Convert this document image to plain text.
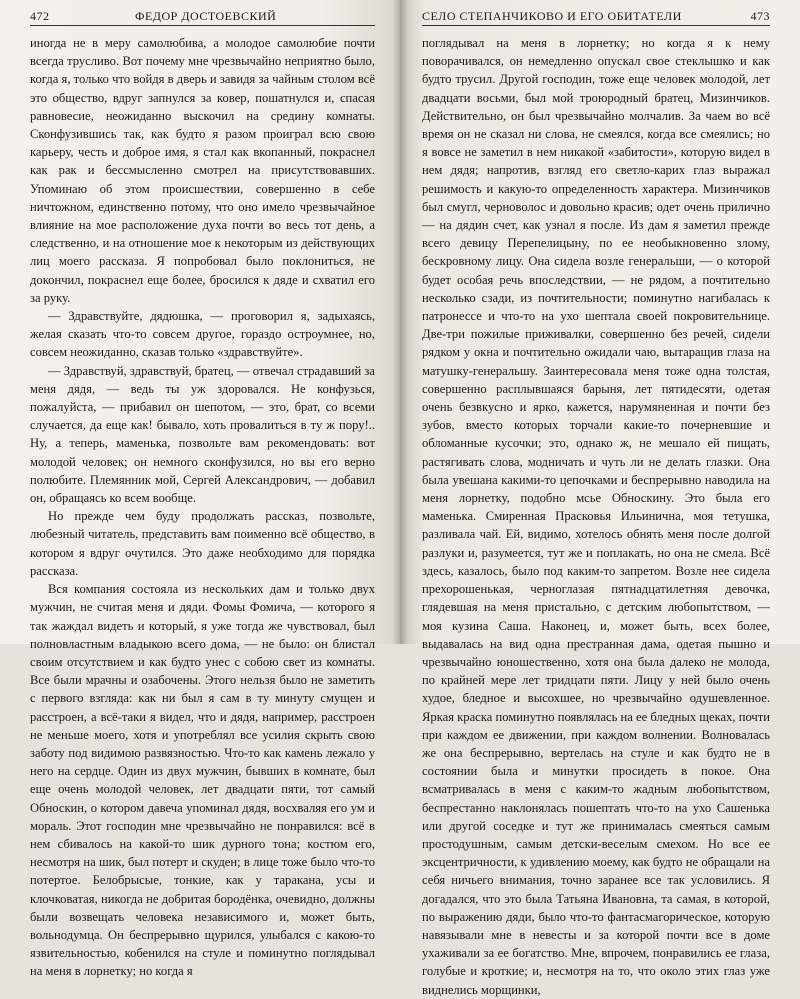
472	ФЕДОР ДОСТОЕВСКИЙ

иногда не в меру самолюбива, а молодое самолюбие почти всегда трусливо. Вот почему мне чрезвычайно неприятно было, когда я, только что войдя в дверь и завидя за чайным столом всё это общество, вдруг запнулся за ковер, пошатнулся и, спасая равновесие, неожиданно выскочил на средину комнаты. Сконфузившись так, как будто я разом проиграл всю свою карьеру, честь и доброе имя, я стал как вкопанный, покраснел как рак и бессмысленно смотрел на присутствовавших. Упоминаю об этом происшествии, совершенно в себе ничтожном, единственно потому, что оно имело чрезвычайное влияние на мое расположение духа почти во весь тот день, а следственно, и на отношение мое к некоторым из действующих лиц моего рассказа. Я попробовал было поклониться, не докончил, покраснел еще более, бросился к дяде и схватил его за руку.

— Здравствуйте, дядюшка, — проговорил я, задыхаясь, желая сказать что-то совсем другое, гораздо остроумнее, но, совсем неожиданно, сказав только «здравствуйте».

— Здравствуй, здравствуй, братец, — отвечал страдавший за меня дядя, — ведь ты уж здоровался. Не конфузься, пожалуйста, — прибавил он шепотом, — это, брат, со всеми случается, да еще как! бывало, хоть провалиться в ту ж пору!.. Ну, а теперь, маменька, позвольте вам рекомендовать: вот молодой человек; он немного сконфузился, но вы его верно полюбите. Племянник мой, Сергей Александрович, — добавил он, обращаясь ко всем вообще.

Но прежде чем буду продолжать рассказ, позвольте, любезный читатель, представить вам поименно всё общество, в котором я вдруг очутился. Это даже необходимо для порядка рассказа.

Вся компания состояла из нескольких дам и только двух мужчин, не считая меня и дяди. Фомы Фомича, — которого я так жаждал видеть и который, я уже тогда же чувствовал, был полновластным владыкою всего дома, — не было: он блистал своим отсутствием и как будто унес с собою свет из комнаты. Все были мрачны и озабочены. Этого нельзя было не заметить с первого взгляда: как ни был я сам в ту минуту смущен и расстроен, а всё-таки я видел, что и дядя, например, расстроен не меньше моего, хотя и употреблял все усилия скрыть свою заботу под видимою развязностью. Что-то как камень лежало у него на сердце. Один из двух мужчин, бывших в комнате, был еще очень молодой человек, лет двадцати пяти, тот самый Обноскин, о котором давеча упоминал дядя, восхваляя его ум и мораль. Этот господин мне чрезвычайно не понравился: всё в нем сбивалось на какой-то шик дурного тона; костюм его, несмотря на шик, был потерт и скуден; в лице тоже было что-то потертое. Белобрысые, тонкие, как у таракана, усы и клочковатая, никогда не добритая бородёнка, очевидно, должны были возвещать человека независимого и, может быть, вольнодумца. Он беспрерывно щурился, улыбался с какою-то язвительностью, кобенился на стуле и поминутно поглядывал на меня в лорнетку; но когда я

СЕЛО СТЕПАНЧИКОВО И ЕГО ОБИТАТЕЛИ	473

поглядывал на меня в лорнетку; но когда я к нему поворачивался, он немедленно опускал свое стеклышко и как будто трусил. Другой господин, тоже еще человек молодой, лет двадцати восьми, был мой троюродный братец, Мизинчиков. Действительно, он был чрезвычайно молчалив. За чаем во всё время он не сказал ни слова, не смеялся, когда все смеялись; но я вовсе не заметил в нем никакой «забитости», которую видел в нем дядя; напротив, взгляд его светло-карих глаз выражал решимость и какую-то определенность характера. Мизинчиков был смугл, черноволос и довольно красив; одет очень прилично — на дядин счет, как узнал я после. Из дам я заметил прежде всего девицу Перепелицыну, по ее необыкновенно злому, бескровному лицу. Она сидела возле генеральши, — о которой будет особая речь впоследствии, — не рядом, а почтительно несколько сзади, из почтительности; поминутно нагибалась к патронессе и что-то на ухо шептала своей покровительнице. Две-три пожилые приживалки, совершенно без речей, сидели рядком у окна и почтительно ожидали чаю, вытаращив глаза на матушку-генеральшу. Заинтересовала меня тоже одна толстая, совершенно расплывшаяся барыня, лет пятидесяти, одетая очень безвкусно и ярко, кажется, нарумяненная и почти без зубов, вместо которых торчали какие-то почерневшие и обломанные кусочки; это, однако ж, не мешало ей пищать, растягивать слова, модничать и чуть ли не делать глазки. Она была увешана какими-то цепочками и беспрерывно наводила на меня лорнетку, подобно мсье Обноскину. Это была его маменька. Смиренная Прасковья Ильинична, моя тетушка, разливала чай. Ей, видимо, хотелось обнять меня после долгой разлуки и, разумеется, тут же и поплакать, но она не смела. Всё здесь, казалось, было под каким-то запретом. Возле нее сидела прехорошенькая, черноглазая пятнадцатилетняя девочка, глядевшая на меня пристально, с детским любопытством, — моя кузина Саша. Наконец, и, может быть, всех более, выдавалась на вид одна престранная дама, одетая пышно и чрезвычайно юношественно, хотя она была далеко не молода, по крайней мере лет тридцати пяти. Лицу у ней было очень худое, бледное и высохшее, но чрезвычайно одушевленное. Яркая краска поминутно появлялась на ее бледных щеках, почти при каждом ее движении, при каждом волнении. Волновалась же она беспрерывно, вертелась на стуле и как будто не в состоянии была и минутки просидеть в покое. Она всматривалась в меня с каким-то жадным любопытством, беспрестанно наклонялась пошептать что-то на ухо Сашенька или другой соседке и тут же принималась смеяться самым простодушным, самым детски-веселым смехом. Но все ее эксцентричности, к удивлению моему, как будто не обращали на себя ничьего внимания, точно заранее все так условились. Я догадался, что это была Татьяна Ивановна, та самая, в которой, по выражению дяди, было что-то фантасмагорическое, которую навязывали мне в невесты и за которой почти все в доме ухаживали за ее богатство. Мне, впрочем, понравились ее глаза, голубые и кроткие; и, несмотря на то, что около этих глаз уже виднелись морщинки,
